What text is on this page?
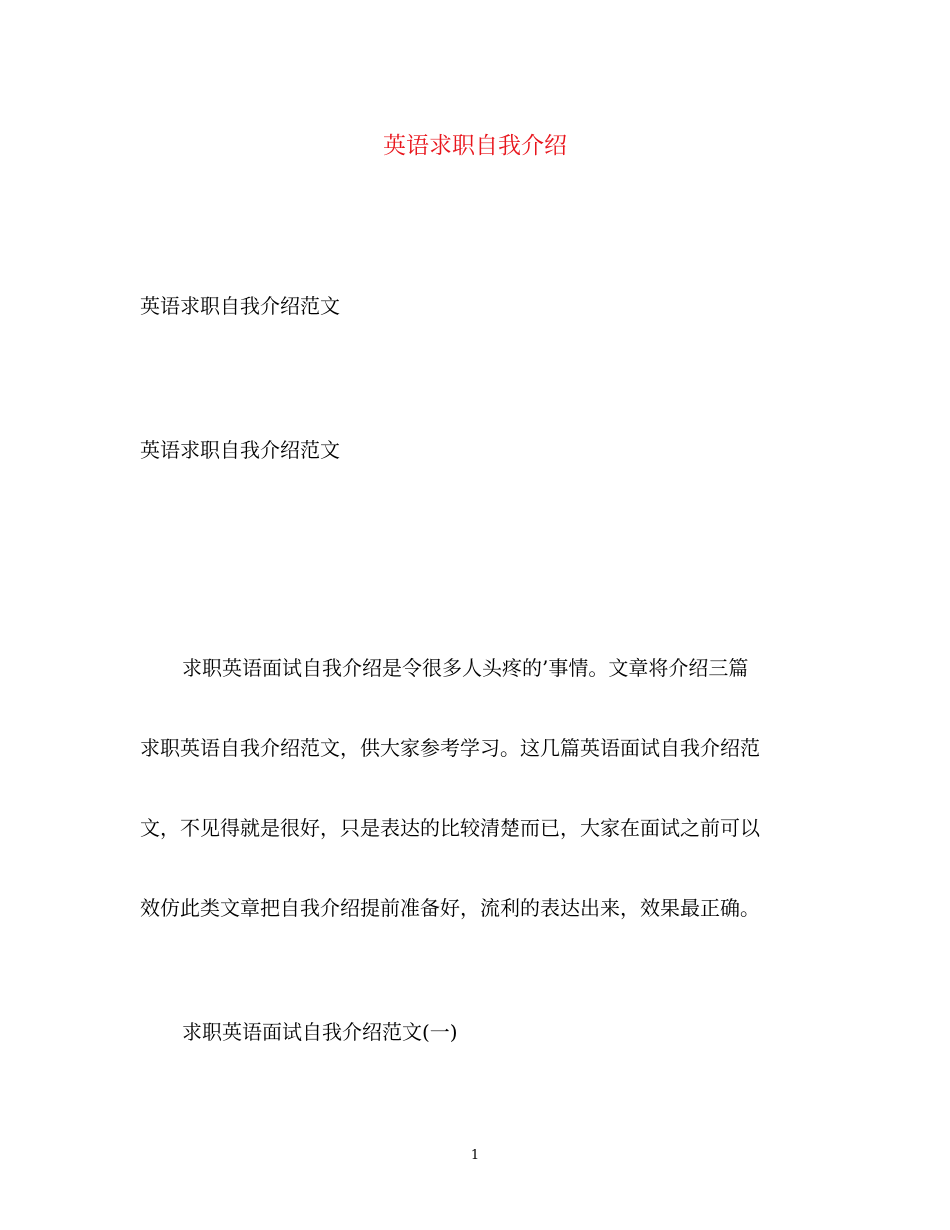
英语求职自我介绍
英语求职自我介绍范文
英语求职自我介绍范文
求职英语面试自我介绍是令很多人头疼的’事情。文章将介绍三篇
求职英语自我介绍范文，供大家参考学习。这几篇英语面试自我介绍范
文，不见得就是很好，只是表达的比较清楚而已，大家在面试之前可以
效仿此类文章把自我介绍提前准备好，流利的表达出来，效果最正确。
求职英语面试自我介绍范文(一)
1
